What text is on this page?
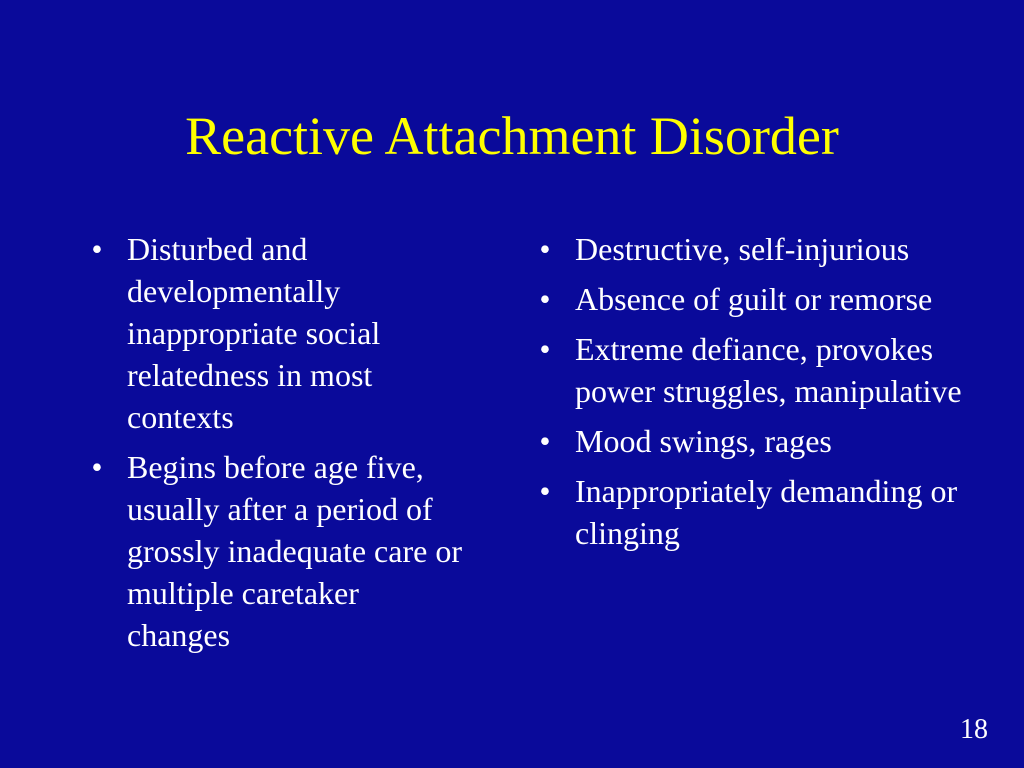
Reactive Attachment Disorder
• Disturbed and developmentally inappropriate social relatedness in most contexts
• Begins before age five, usually after a period of grossly inadequate care or multiple caretaker changes
• Destructive, self-injurious
• Absence of guilt or remorse
• Extreme defiance, provokes power struggles, manipulative
• Mood swings, rages
• Inappropriately demanding or clinging
18
